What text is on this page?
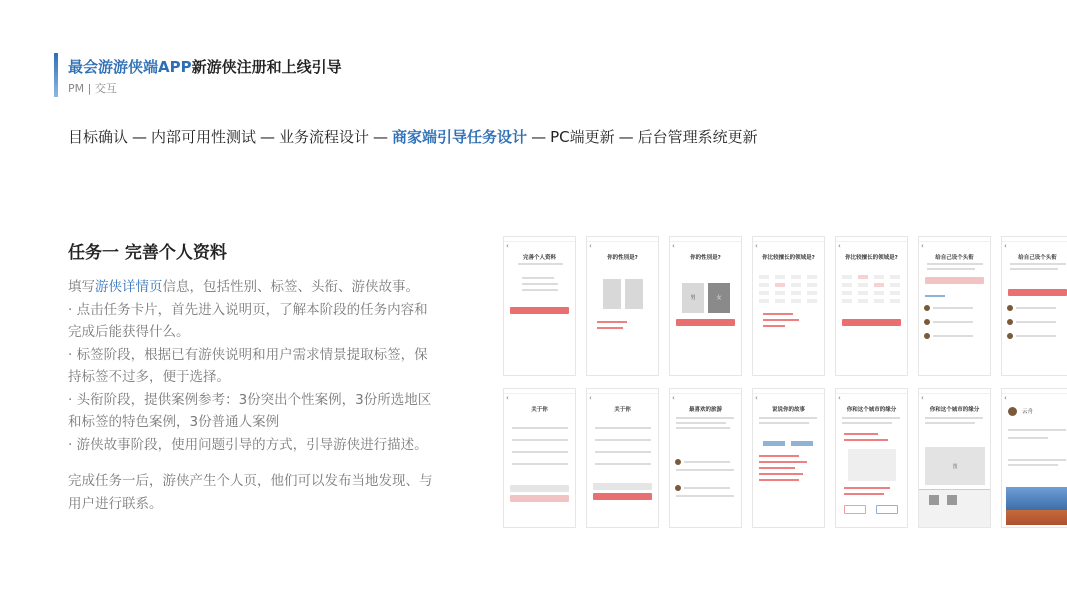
最会游游侠端APP新游侠注册和上线引导
PM | 交互
目标确认 — 内部可用性测试 — 业务流程设计 — 商家端引导任务设计 — PC端更新 — 后台管理系统更新
任务一 完善个人资料

填写游侠详情页信息，包括性别、标签、头衔、游侠故事。

· 点击任务卡片，首先进入说明页，了解本阶段的任务内容和完成后能获得什么。

· 标签阶段，根据已有游侠说明和用户需求情景提取标签，保持标签不过多，便于选择。

· 头衔阶段，提供案例参考：3份突出个性案例，3份所选地区和标签的特色案例，3份普通人案例

· 游侠故事阶段，使用问题引导的方式，引导游侠进行描述。

完成任务一后，游侠产生个人页，他们可以发布当地发现、与用户进行联系。

‹
完善个人资料
‹
你的性别是?
‹
你的性别是?
男	女
‹
你比较擅长的领域是?
‹
你比较擅长的领域是?
‹
给自己设个头衔
‹
给自己设个头衔
‹
关于你
‹
关于你
‹
最喜欢的旅游
‹
说说你的故事
‹
你和这个城市的缘分
‹
你和这个城市的缘分
图
‹
云舟
